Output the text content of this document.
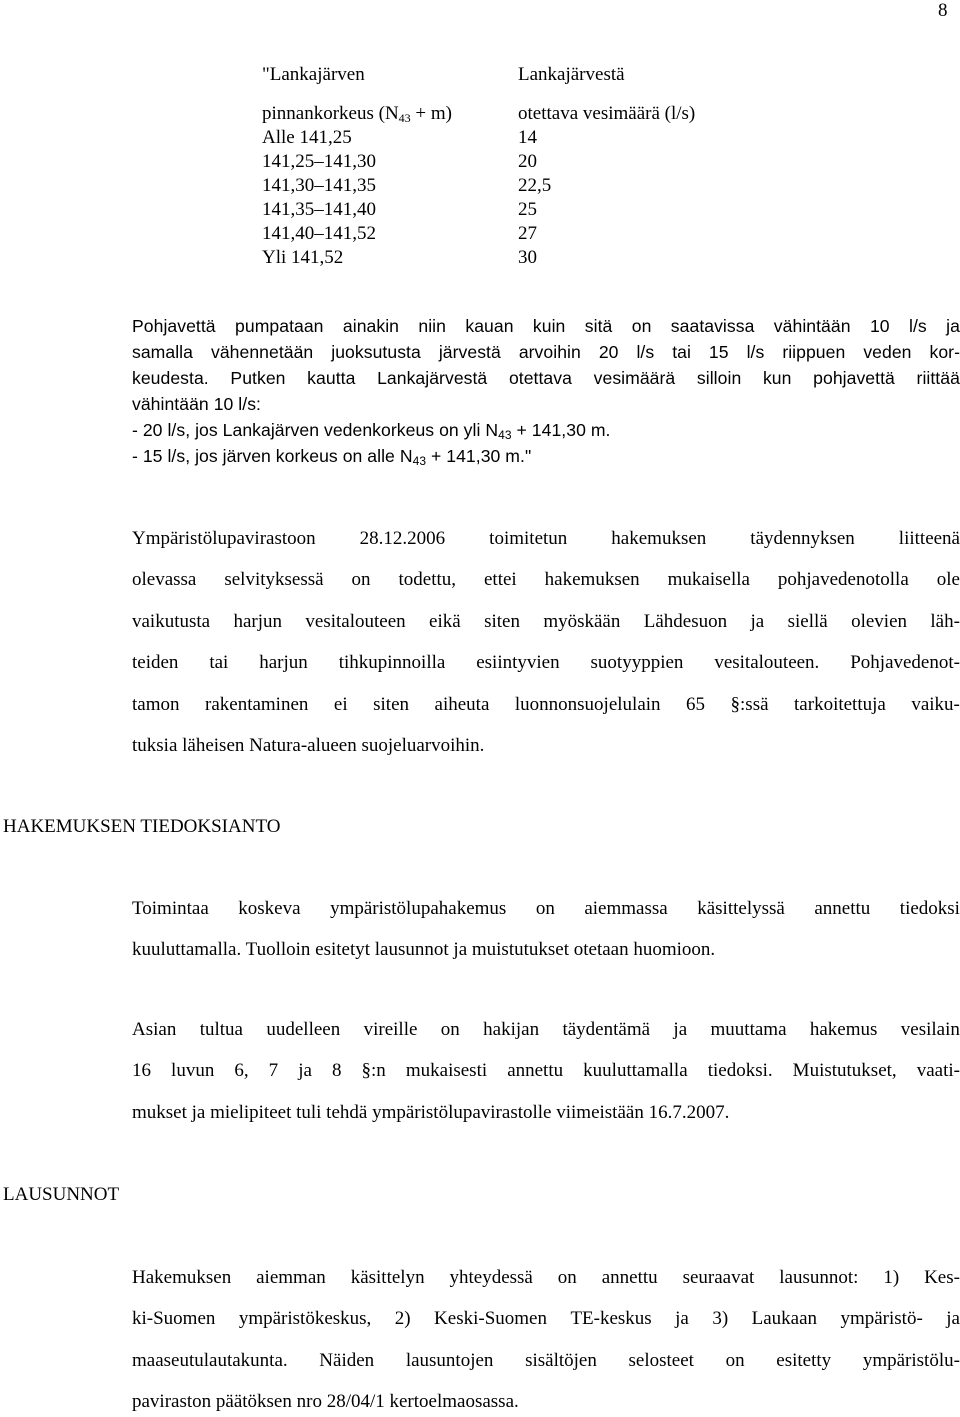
8
"Lankajärven	Lankajärvestä
pinnankorkeus $(N_{43} + m)$	otettava vesimäärä (l/s)
Alle 141,25	14
141,25–141,30	20
141,30–141,35	22,5
141,35–141,40	25
141,40–141,52	27
Yli 141,52	30
Pohjavettä pumpataan ainakin niin kauan kuin sitä on saatavissa vähintään 10 l/s ja
samalla vähennetään juoksutusta järvestä arvoihin 20 l/s tai 15 l/s riippuen veden kor-
keudesta. Putken kautta Lankajärvestä otettava vesimäärä silloin kun pohjavettä riittää
vähintään 10 l/s:
- 20 l/s, jos Lankajärven vedenkorkeus on yli $N_{43} + 141,30$ m.
- 15 l/s, jos järven korkeus on alle $N_{43} + 141,30$ m."
Ympäristölupavirastoon 28.12.2006 toimitetun hakemuksen täydennyksen liitteenä
olevassa selvityksessä on todettu, ettei hakemuksen mukaisella pohjavedenotolla ole
vaikutusta harjun vesitalouteen eikä siten myöskään Lähdesuon ja siellä olevien läh-
teiden tai harjun tihkupinnoilla esiintyvien suotyyppien vesitalouteen. Pohjavedenot-
tamon rakentaminen ei siten aiheuta luonnonsuojelulain 65 §:ssä tarkoitettuja vaiku-
tuksia läheisen Natura-alueen suojeluarvoihin.
HAKEMUKSEN TIEDOKSIANTO
Toimintaa koskeva ympäristölupahakemus on aiemmassa käsittelyssä annettu tiedoksi
kuuluttamalla. Tuolloin esitetyt lausunnot ja muistutukset otetaan huomioon.
Asian tultua uudelleen vireille on hakijan täydentämä ja muuttama hakemus vesilain
16 luvun 6, 7 ja 8 §:n mukaisesti annettu kuuluttamalla tiedoksi. Muistutukset, vaati-
mukset ja mielipiteet tuli tehdä ympäristölupavirastolle viimeistään 16.7.2007.
LAUSUNNOT
Hakemuksen aiemman käsittelyn yhteydessä on annettu seuraavat lausunnot: 1) Kes-
ki-Suomen ympäristökeskus, 2) Keski-Suomen TE-keskus ja 3) Laukaan ympäristö- ja
maaseutulautakunta. Näiden lausuntojen sisältöjen selosteet on esitetty ympäristölu-
paviraston päätöksen nro 28/04/1 kertoelmaosassa.
